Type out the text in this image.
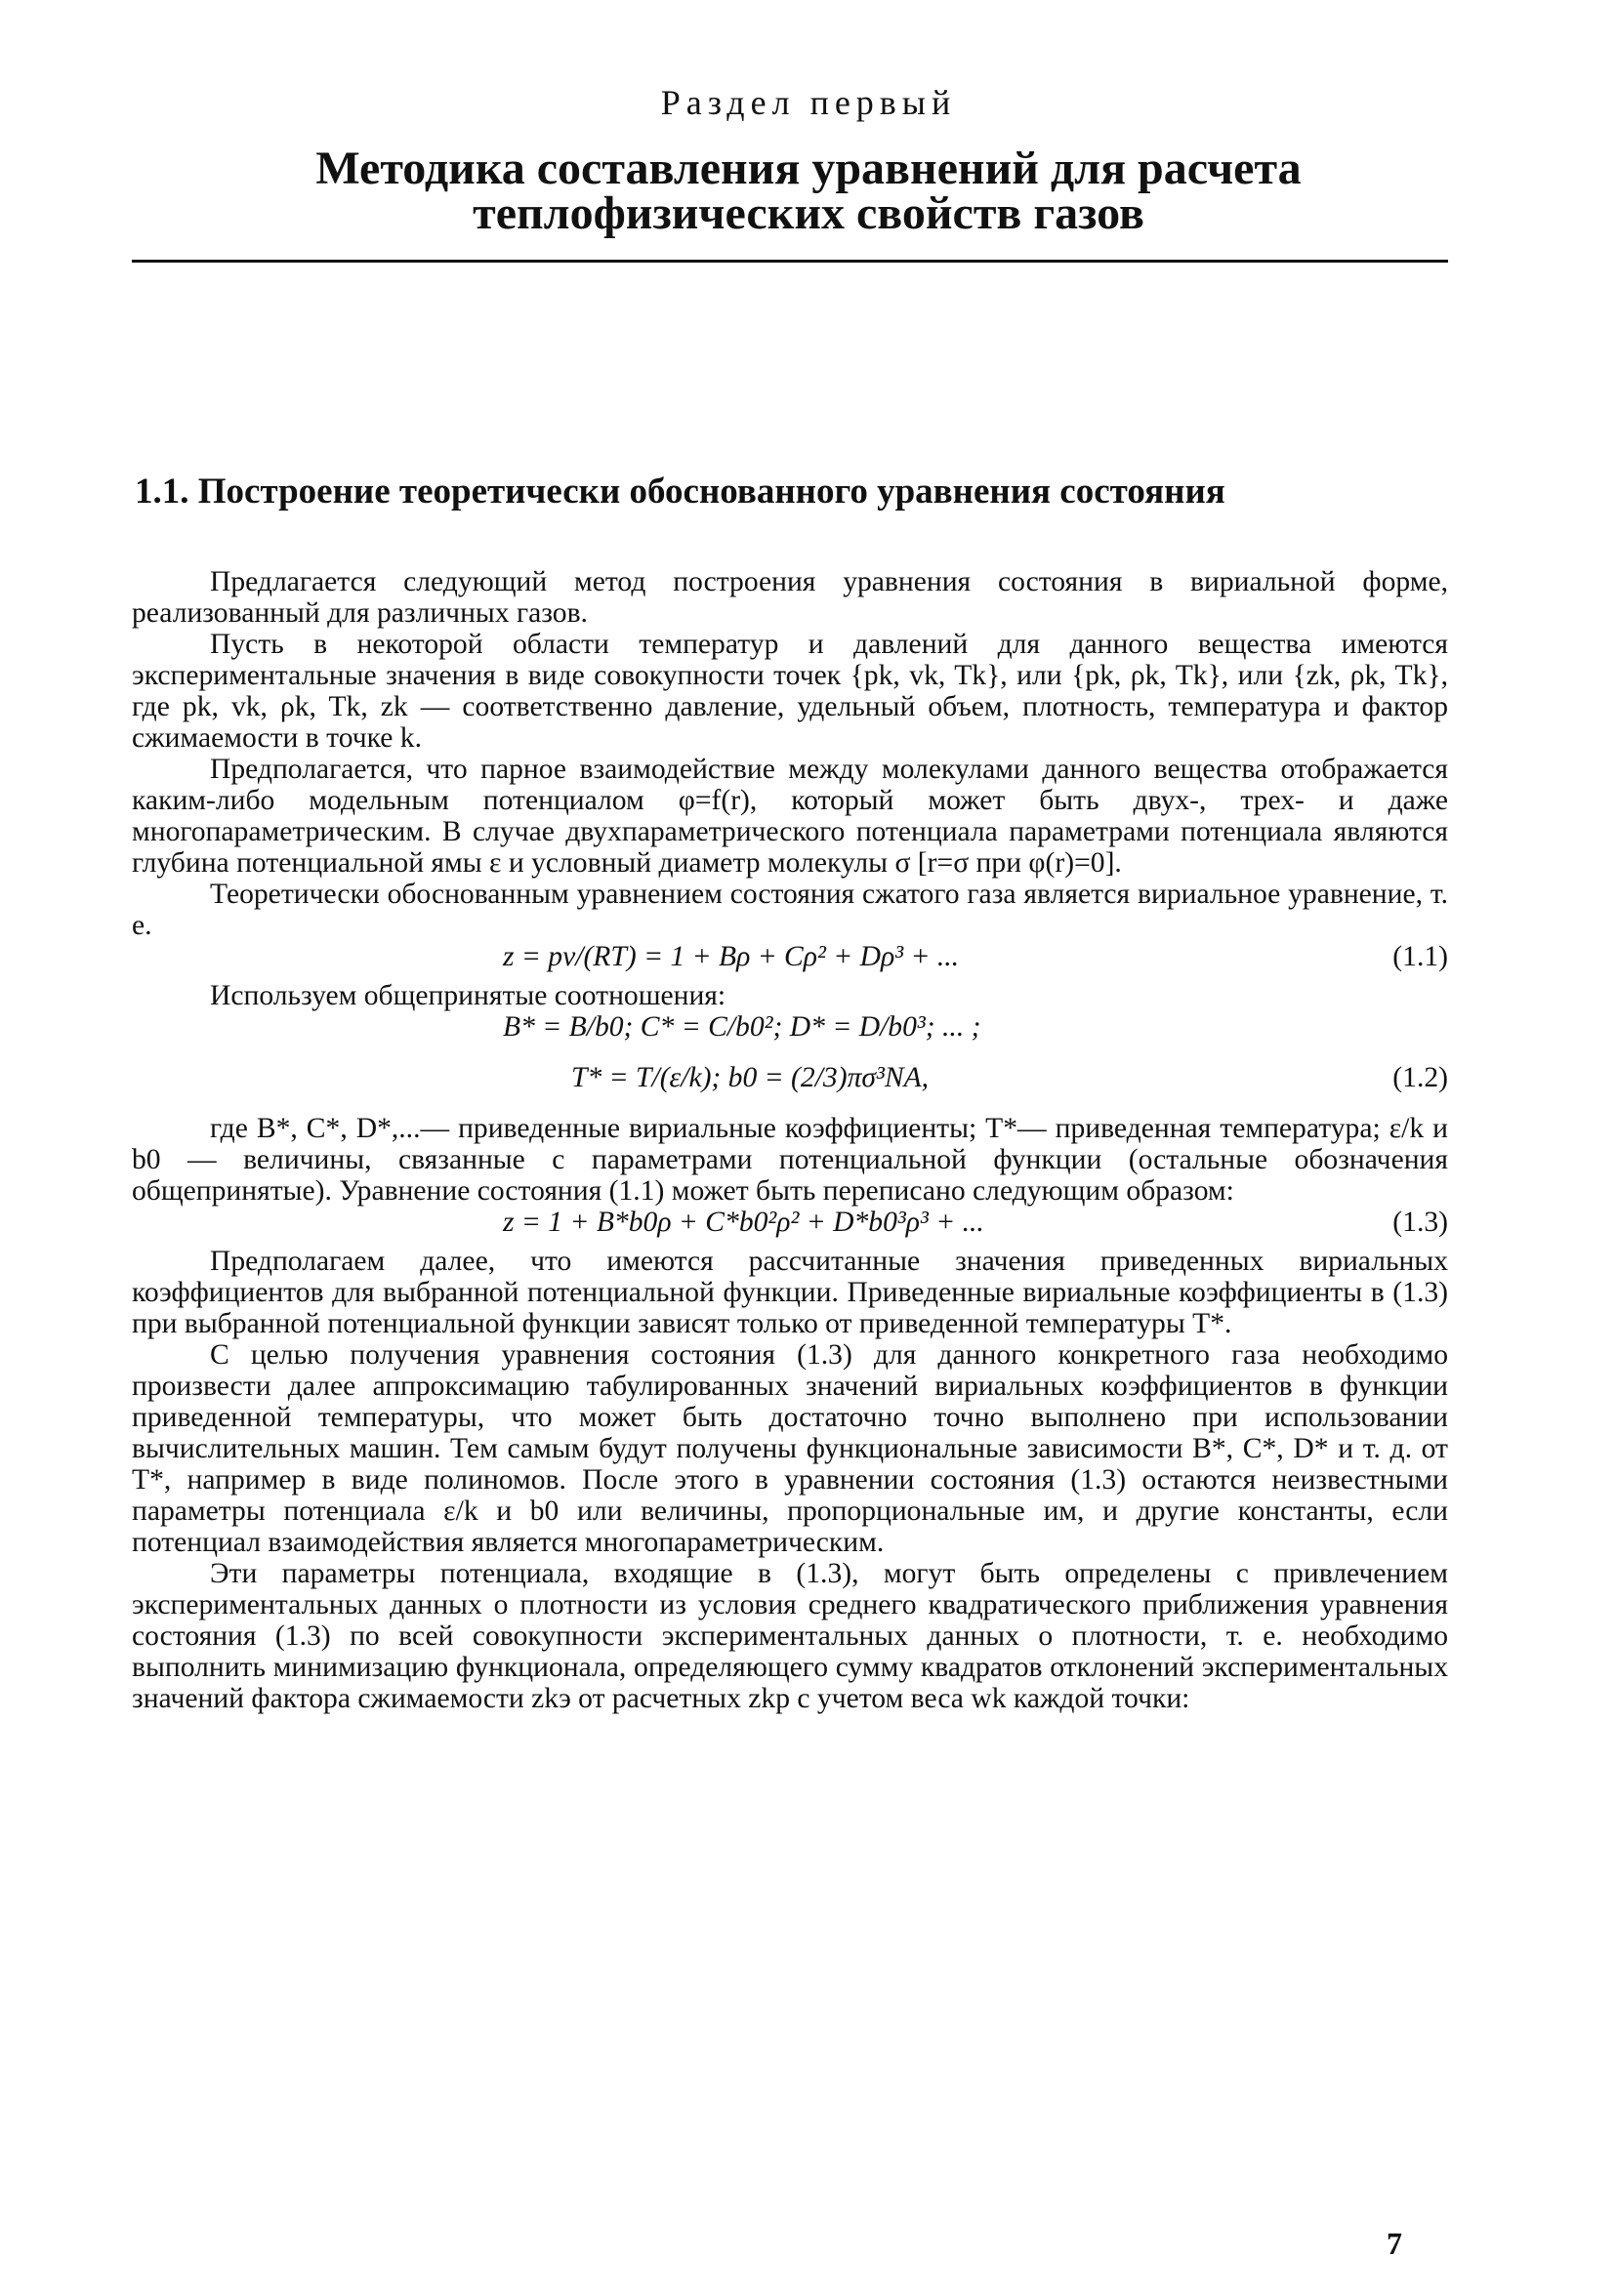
Раздел первый
Методика составления уравнений для расчета
теплофизических свойств газов
1.1. Построение теоретически обоснованного уравнения состояния

Предлагается следующий метод построения уравнения состояния в вириальной форме, реализованный для различных газов.

Пусть в некоторой области температур и давлений для данного вещества имеются экспериментальные значения в виде совокупности точек {pk, vk, Tk}, или {pk, ρk, Tk}, или {zk, ρk, Tk}, где pk, vk, ρk, Tk, zk — соответственно давление, удельный объем, плотность, температура и фактор сжимаемости в точке k.

Предполагается, что парное взаимодействие между молекулами данного вещества отображается каким-либо модельным потенциалом φ=f(r), который может быть двух-, трех- и даже многопараметрическим. В случае двухпараметрического потенциала параметрами потенциала являются глубина потенциальной ямы ε и условный диаметр молекулы σ [r=σ при φ(r)=0].

Теоретически обоснованным уравнением состояния сжатого газа является вириальное уравнение, т. е.

z = pv/(RT) = 1 + Bρ + Cρ² + Dρ³ + ...	(1.1)

Используем общепринятые соотношения:

B* = B/b0; C* = C/b0²; D* = D/b0³; ... ;
T* = T/(ε/k); b0 = (2/3)πσ³NA,	(1.2)

где B*, C*, D*,...— приведенные вириальные коэффициенты; T*— приведенная температура; ε/k и b0 — величины, связанные с параметрами потенциальной функции (остальные обозначения общепринятые). Уравнение состояния (1.1) может быть переписано следующим образом:

z = 1 + B*b0ρ + C*b0²ρ² + D*b0³ρ³ + ...	(1.3)

Предполагаем далее, что имеются рассчитанные значения приведенных вириальных коэффициентов для выбранной потенциальной функции. Приведенные вириальные коэффициенты в (1.3) при выбранной потенциальной функции зависят только от приведенной температуры T*.

С целью получения уравнения состояния (1.3) для данного конкретного газа необходимо произвести далее аппроксимацию табулированных значений вириальных коэффициентов в функции приведенной температуры, что может быть достаточно точно выполнено при использовании вычислительных машин. Тем самым будут получены функциональные зависимости B*, C*, D* и т. д. от T*, например в виде полиномов. После этого в уравнении состояния (1.3) остаются неизвестными параметры потенциала ε/k и b0 или величины, пропорциональные им, и другие константы, если потенциал взаимодействия является многопараметрическим.

Эти параметры потенциала, входящие в (1.3), могут быть определены с привлечением экспериментальных данных о плотности из условия среднего квадратического приближения уравнения состояния (1.3) по всей совокупности экспериментальных данных о плотности, т. е. необходимо выполнить минимизацию функционала, определяющего сумму квадратов отклонений экспериментальных значений фактора сжимаемости zkэ от расчетных zkр с учетом веса wk каждой точки:

7
